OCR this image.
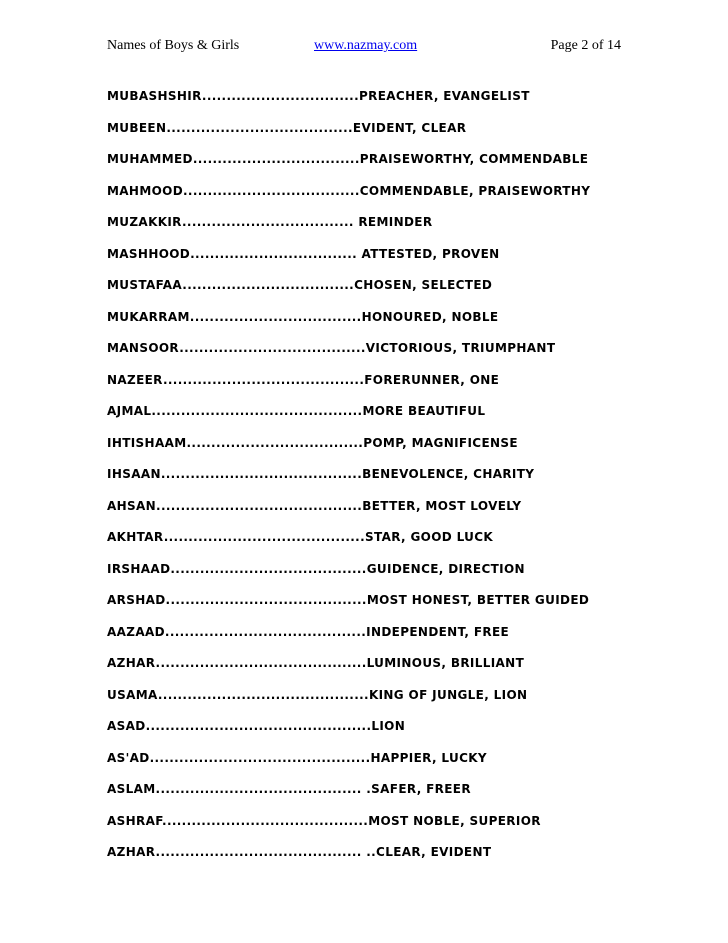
Names of Boys & Girls	www.nazmay.com	Page 2 of 14
MUBASHSHIR................................PREACHER, EVANGELIST
MUBEEN......................................EVIDENT, CLEAR
MUHAMMED..................................PRAISEWORTHY, COMMENDABLE
MAHMOOD....................................COMMENDABLE, PRAISEWORTHY
MUZAKKIR................................... REMINDER
MASHHOOD.................................. ATTESTED, PROVEN
MUSTAFAA...................................CHOSEN, SELECTED
MUKARRAM...................................HONOURED, NOBLE
MANSOOR......................................VICTORIOUS, TRIUMPHANT
NAZEER.........................................FORERUNNER, ONE
AJMAL...........................................MORE BEAUTIFUL
IHTISHAAM....................................POMP, MAGNIFICENSE
IHSAAN.........................................BENEVOLENCE, CHARITY
AHSAN..........................................BETTER, MOST LOVELY
AKHTAR.........................................STAR, GOOD LUCK
IRSHAAD........................................GUIDENCE, DIRECTION
ARSHAD.........................................MOST HONEST, BETTER GUIDED
AAZAAD.........................................INDEPENDENT, FREE
AZHAR...........................................LUMINOUS, BRILLIANT
USAMA...........................................KING OF JUNGLE, LION
ASAD..............................................LION
AS'AD.............................................HAPPIER, LUCKY
ASLAM.......................................... .SAFER, FREER
ASHRAF..........................................MOST NOBLE, SUPERIOR
AZHAR.......................................... ..CLEAR, EVIDENT
